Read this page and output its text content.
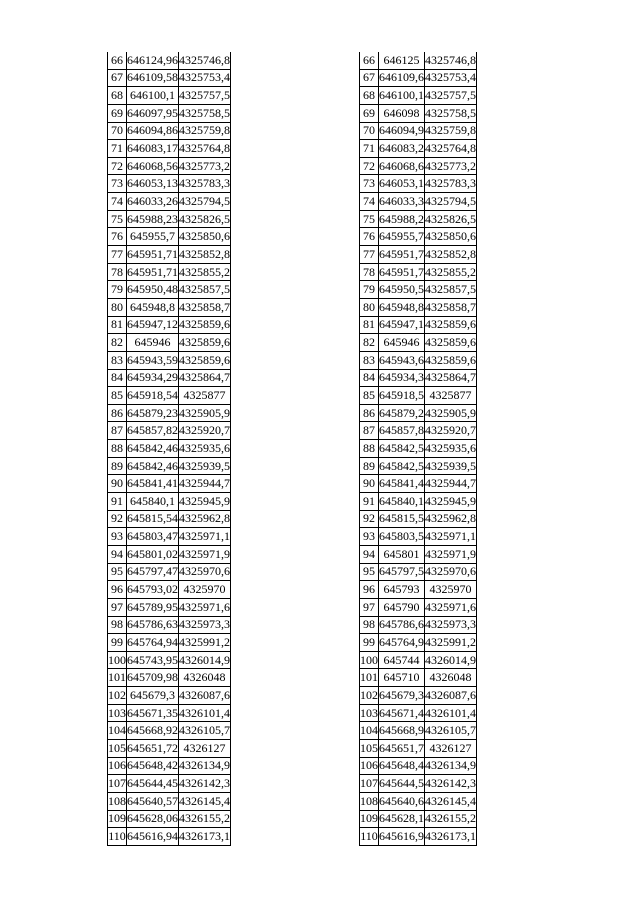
66	646124,96	4325746,8
67	646109,58	4325753,4
68	646100,1	4325757,5
69	646097,95	4325758,5
70	646094,86	4325759,8
71	646083,17	4325764,8
72	646068,56	4325773,2
73	646053,13	4325783,3
74	646033,26	4325794,5
75	645988,23	4325826,5
76	645955,7	4325850,6
77	645951,71	4325852,8
78	645951,71	4325855,2
79	645950,48	4325857,5
80	645948,8	4325858,7
81	645947,12	4325859,6
82	645946	4325859,6
83	645943,59	4325859,6
84	645934,29	4325864,7
85	645918,54	4325877
86	645879,23	4325905,9
87	645857,82	4325920,7
88	645842,46	4325935,6
89	645842,46	4325939,5
90	645841,41	4325944,7
91	645840,1	4325945,9
92	645815,54	4325962,8
93	645803,47	4325971,1
94	645801,02	4325971,9
95	645797,47	4325970,6
96	645793,02	4325970
97	645789,95	4325971,6
98	645786,63	4325973,3
99	645764,94	4325991,2
100	645743,95	4326014,9
101	645709,98	4326048
102	645679,3	4326087,6
103	645671,35	4326101,4
104	645668,92	4326105,7
105	645651,72	4326127
106	645648,42	4326134,9
107	645644,45	4326142,3
108	645640,57	4326145,4
109	645628,06	4326155,2
110	645616,94	4326173,1
66	646125	4325746,8
67	646109,6	4325753,4
68	646100,1	4325757,5
69	646098	4325758,5
70	646094,9	4325759,8
71	646083,2	4325764,8
72	646068,6	4325773,2
73	646053,1	4325783,3
74	646033,3	4325794,5
75	645988,2	4325826,5
76	645955,7	4325850,6
77	645951,7	4325852,8
78	645951,7	4325855,2
79	645950,5	4325857,5
80	645948,8	4325858,7
81	645947,1	4325859,6
82	645946	4325859,6
83	645943,6	4325859,6
84	645934,3	4325864,7
85	645918,5	4325877
86	645879,2	4325905,9
87	645857,8	4325920,7
88	645842,5	4325935,6
89	645842,5	4325939,5
90	645841,4	4325944,7
91	645840,1	4325945,9
92	645815,5	4325962,8
93	645803,5	4325971,1
94	645801	4325971,9
95	645797,5	4325970,6
96	645793	4325970
97	645790	4325971,6
98	645786,6	4325973,3
99	645764,9	4325991,2
100	645744	4326014,9
101	645710	4326048
102	645679,3	4326087,6
103	645671,4	4326101,4
104	645668,9	4326105,7
105	645651,7	4326127
106	645648,4	4326134,9
107	645644,5	4326142,3
108	645640,6	4326145,4
109	645628,1	4326155,2
110	645616,9	4326173,1
